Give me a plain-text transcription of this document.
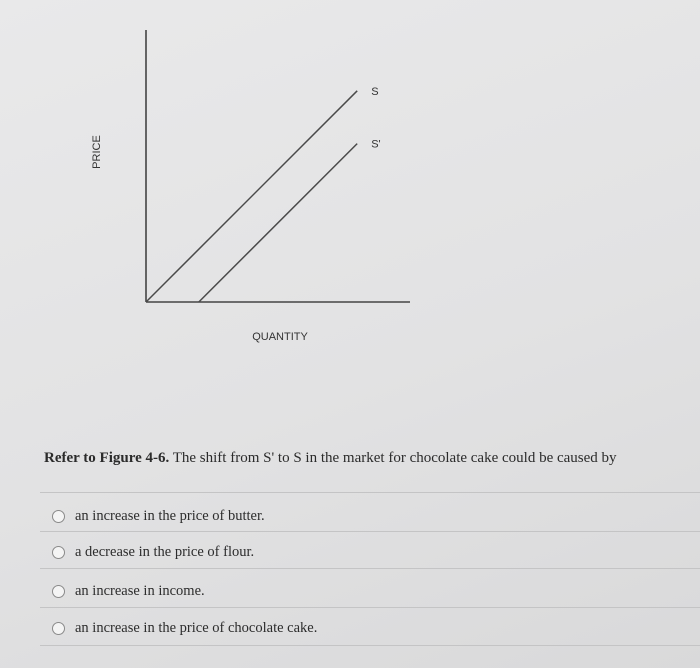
PRICE
QUANTITY
S
S'
Refer to Figure 4-6. The shift from S' to S in the market for chocolate cake could be caused by
an increase in the price of butter.
a decrease in the price of flour.
an increase in income.
an increase in the price of chocolate cake.
